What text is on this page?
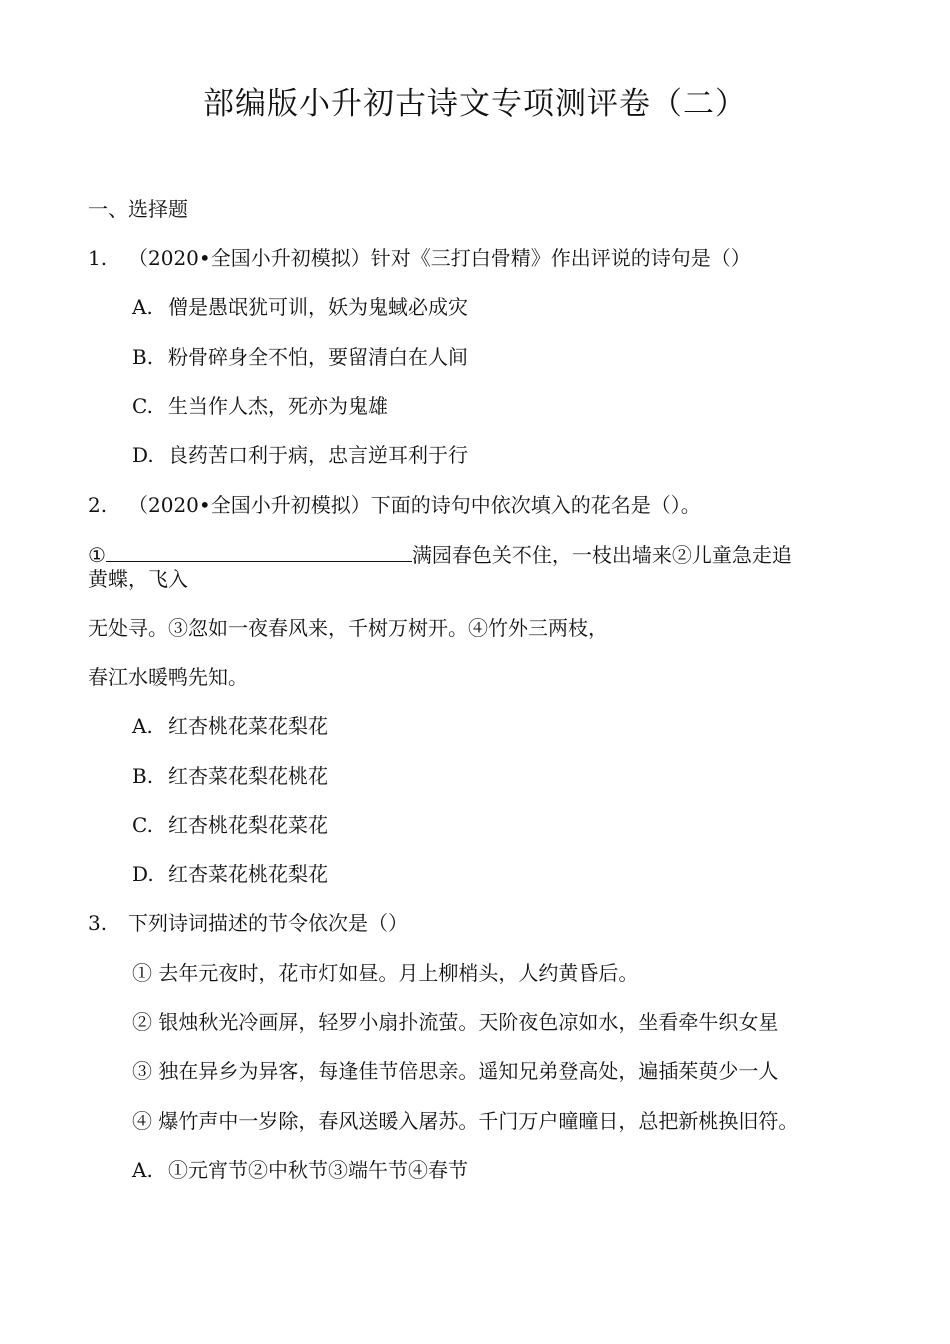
部编版小升初古诗文专项测评卷（二）
一、选择题
1. （2020•全国小升初模拟）针对《三打白骨精》作出评说的诗句是（）
A. 僧是愚氓犹可训，妖为鬼蜮必成灾
B. 粉骨碎身全不怕，要留清白在人间
C. 生当作人杰，死亦为鬼雄
D. 良药苦口利于病，忠言逆耳利于行
2. （2020•全国小升初模拟）下面的诗句中依次填入的花名是（）。
①	满园春色关不住，一枝出墙来②儿童急走追
黄蝶，飞入
无处寻。③忽如一夜春风来，千树万树开。④竹外三两枝，
春江水暖鸭先知。
A. 红杏桃花菜花梨花
B. 红杏菜花梨花桃花
C. 红杏桃花梨花菜花
D. 红杏菜花桃花梨花
3. 下列诗词描述的节令依次是（）
① 去年元夜时，花市灯如昼。月上柳梢头，人约黄昏后。
② 银烛秋光冷画屏，轻罗小扇扑流萤。天阶夜色凉如水，坐看牵牛织女星
③ 独在异乡为异客，每逢佳节倍思亲。遥知兄弟登高处，遍插茱萸少一人
④ 爆竹声中一岁除，春风送暖入屠苏。千门万户曈曈日，总把新桃换旧符。
A. ①元宵节②中秋节③端午节④春节
